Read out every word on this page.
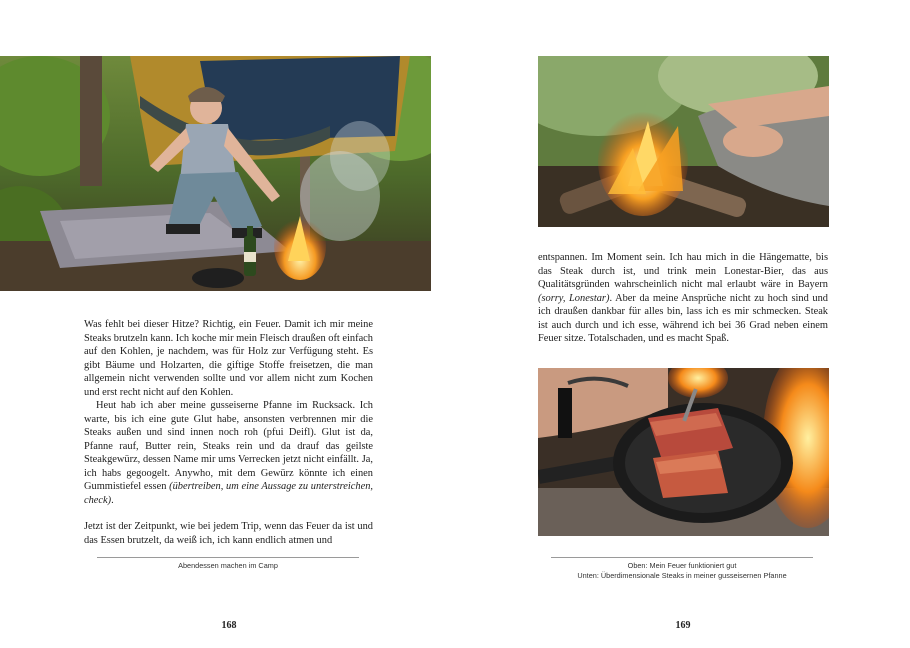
Was fehlt bei dieser Hitze? Richtig, ein Feuer. Damit ich mir meine Steaks brutzeln kann. Ich koche mir mein Fleisch draußen oft einfach auf den Kohlen, je nachdem, was für Holz zur Verfügung steht. Es gibt Bäume und Holzarten, die giftige Stoffe freisetzen, die man allgemein nicht verwenden sollte und vor allem nicht zum Kochen und erst recht nicht auf den Kohlen.

Heut hab ich aber meine gusseiserne Pfanne im Rucksack. Ich warte, bis ich eine gute Glut habe, ansonsten verbrennen mir die Steaks außen und sind innen noch roh (pfui Deifl). Glut ist da, Pfanne rauf, Butter rein, Steaks rein und da drauf das geilste Steakgewürz, dessen Name mir ums Verrecken jetzt nicht einfällt. Ja, ich habs gegoogelt. Anywho, mit dem Gewürz könnte ich einen Gummistiefel essen (übertreiben, um eine Aussage zu unterstreichen, check).

Jetzt ist der Zeitpunkt, wie bei jedem Trip, wenn das Feuer da ist und das Essen brutzelt, da weiß ich, ich kann endlich atmen und

Abendessen machen im Camp
168

entspannen. Im Moment sein. Ich hau mich in die Hängematte, bis das Steak durch ist, und trink mein Lonestar-Bier, das aus Qualitätsgründen wahrscheinlich nicht mal erlaubt wäre in Bayern (sorry, Lonestar). Aber da meine Ansprüche nicht zu hoch sind und ich draußen dankbar für alles bin, lass ich es mir schmecken. Steak ist auch durch und ich esse, während ich bei 36 Grad neben einem Feuer sitze. Totalschaden, und es macht Spaß.

Oben: Mein Feuer funktioniert gut
Unten: Überdimensionale Steaks in meiner gusseisernen Pfanne
169
